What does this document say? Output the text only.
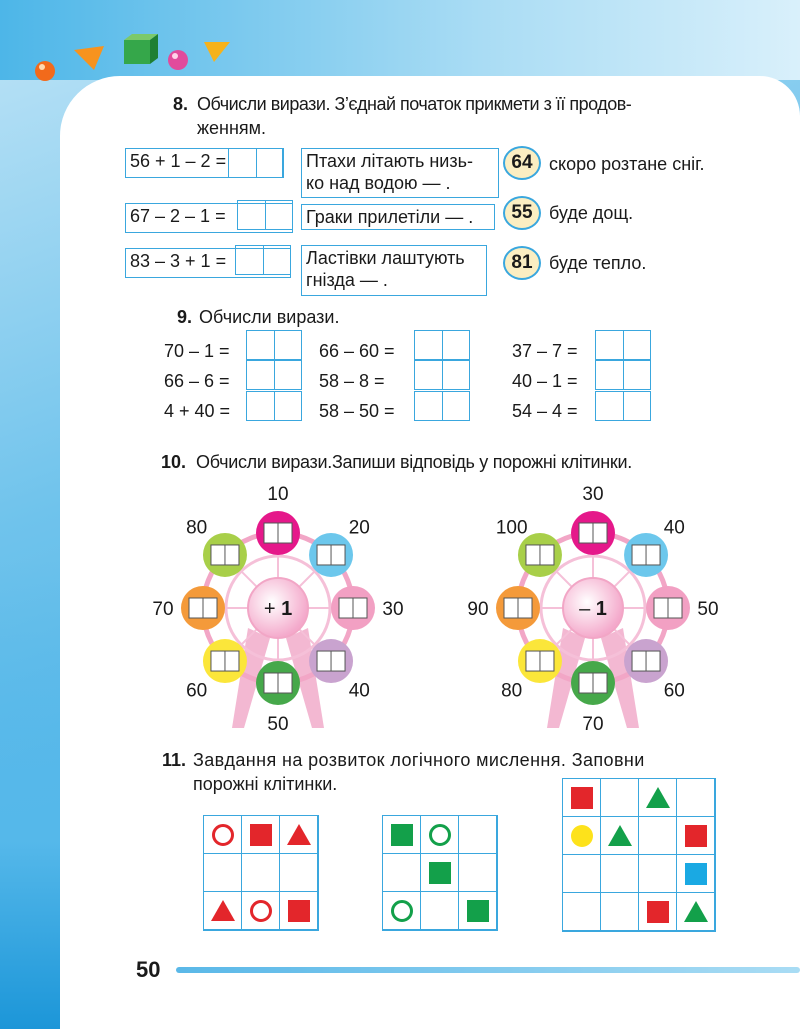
8. Обчисли вирази. З’єднай початок прикмети з її продов-
женням.
56 + 1 – 2 =
67 – 2 – 1 =
83 – 3 + 1 =
Птахи літають низь-
ко над водою — .
Граки прилетіли — .
Ластівки лаштують
гнізда — .
64 скоро розтане сніг.
55 буде дощ.
81 буде тепло.
9. Обчисли вирази.
70 – 1 =
66 – 6 =
4 + 40 =
66 – 60 =
58 – 8 =
58 – 50 =
37 – 7 =
40 – 1 =
54 – 4 =
10. Обчисли вирази.Запиши відповідь у порожні клітинки.
+ 1
10
20
30
40
50
60
70
80
– 1
30
40
50
60
70
80
90
100
11. Завдання на розвиток логічного мислення. Заповни
порожні клітинки.
50
